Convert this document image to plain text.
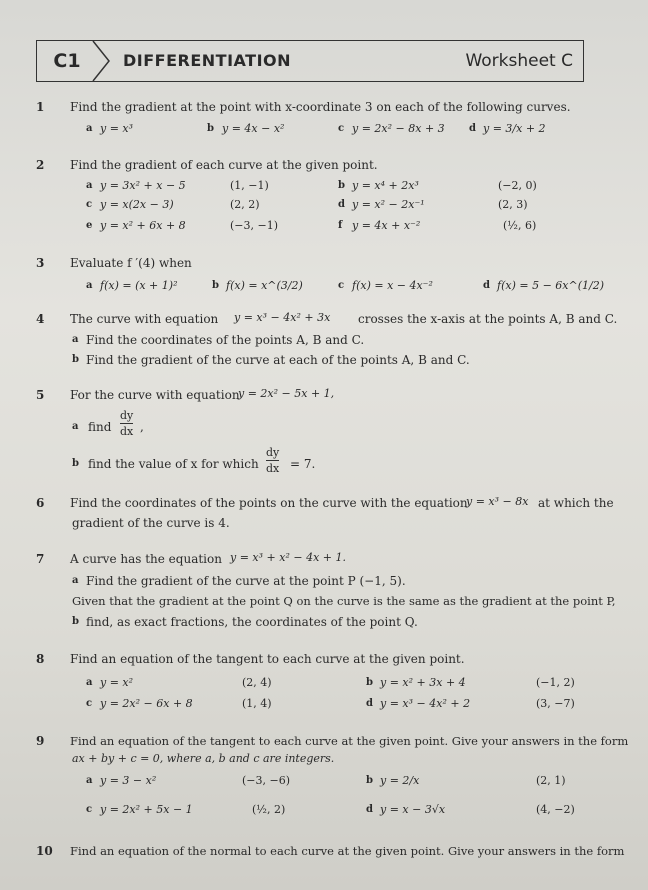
C1	DIFFERENTIATION	Worksheet C
1 Find the gradient at the point with x-coordinate 3 on each of the following curves.
a y = x³	b y = 4x − x²	c y = 2x² − 8x + 3 d y = 3/x + 2
2 Find the gradient of each curve at the given point.
a y = 3x² + x − 5	(1, −1)	b y = x⁴ + 2x³	(−2, 0)
c y = x(2x − 3)	(2, 2)	d y = x² − 2x⁻¹	(2, 3)
e y = x² + 6x + 8	(−3, −1)	f y = 4x + x⁻²	(½, 6)
3 Evaluate f ′(4) when
a f(x) = (x + 1)²	b f(x) = x^(3/2)	c f(x) = x − 4x⁻²	d f(x) = 5 − 6x^(1/2)
4 The curve with equation y = x³ − 4x² + 3x crosses the x-axis at the points A, B and C.
a Find the coordinates of the points A, B and C.
b Find the gradient of the curve at each of the points A, B and C.
5 For the curve with equation
y = 2x² − 5x + 1,
a find
dy
dx ,
b find the value of x for which
dy
dx = 7.
6 Find the coordinates of the points on the curve with the equation
y = x³ − 8x at which the
gradient of the curve is 4.
7 A curve has the equation y = x³ + x² − 4x + 1.
a Find the gradient of the curve at the point P (−1, 5).
Given that the gradient at the point Q on the curve is the same as the gradient at the point P,
b find, as exact fractions, the coordinates of the point Q.
8 Find an equation of the tangent to each curve at the given point.
a y = x²	(2, 4)	b y = x² + 3x + 4	(−1, 2)
c y = 2x² − 6x + 8	(1, 4)	d y = x³ − 4x² + 2	(3, −7)
9 Find an equation of the tangent to each curve at the given point. Give your answers in the form
ax + by + c = 0, where a, b and c are integers.
a y = 3 − x²	(−3, −6)	b y = 2/x	(2, 1)
c y = 2x² + 5x − 1	(½, 2)	d y = x − 3√x	(4, −2)
10 Find an equation of the normal to each curve at the given point. Give your answers in the form
